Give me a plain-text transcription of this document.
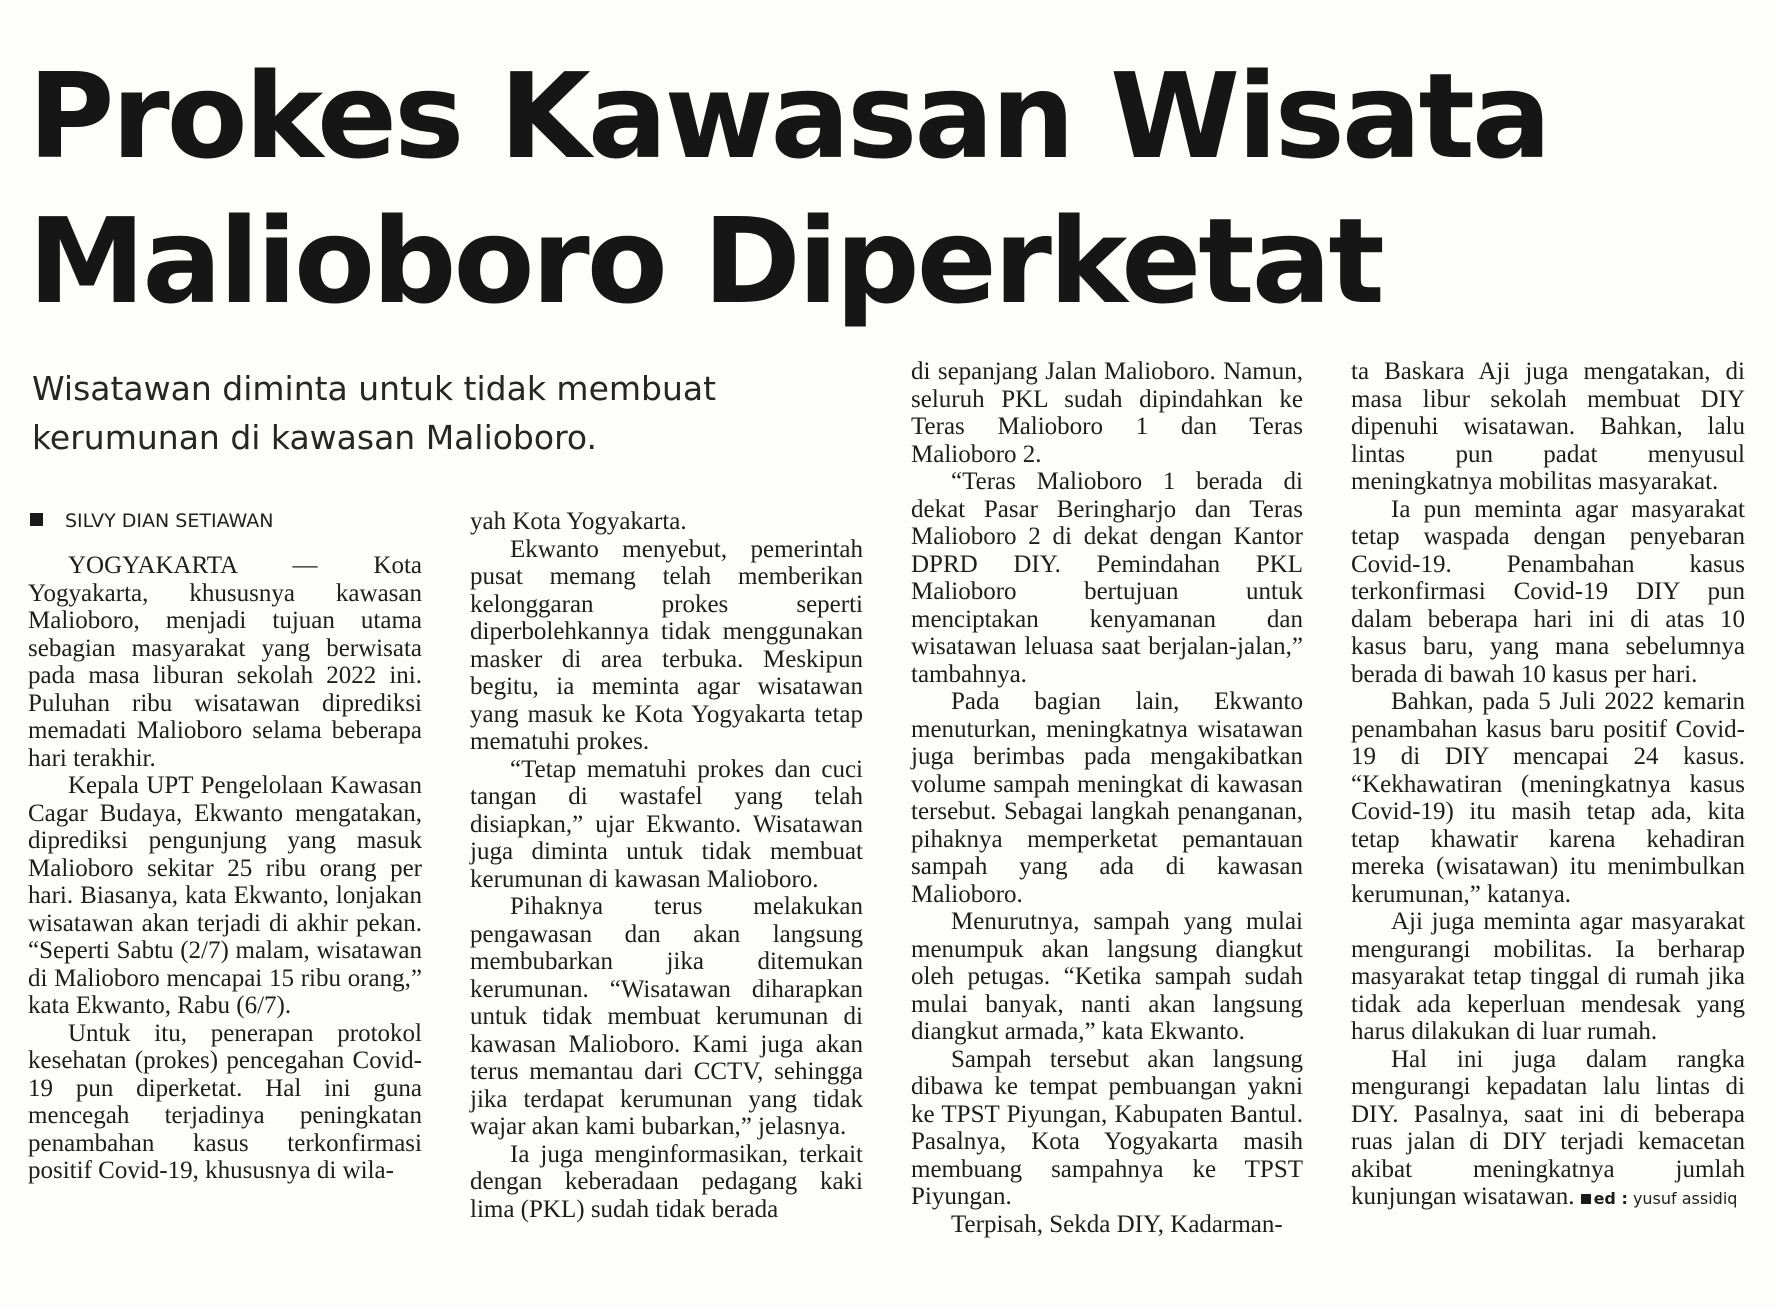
Prokes Kawasan Wisata
Malioboro Diperketat
Wisatawan diminta untuk tidak membuat
kerumunan di kawasan Malioboro.
SILVY DIAN SETIAWAN

YOGYAKARTA — Kota Yogyakarta, khususnya kawasan Malioboro, menjadi tujuan utama sebagian masyarakat yang berwisata pada masa liburan sekolah 2022 ini. Puluhan ribu wisatawan diprediksi memadati Malioboro selama beberapa hari terakhir.

Kepala UPT Pengelolaan Kawasan Cagar Budaya, Ekwanto mengatakan, diprediksi pengunjung yang masuk Malioboro sekitar 25 ribu orang per hari. Biasanya, kata Ekwanto, lonjakan wisatawan akan terjadi di akhir pekan. “Seperti Sabtu (2/7) malam, wisatawan di Malioboro mencapai 15 ribu orang,” kata Ekwanto, Rabu (6/7).

Untuk itu, penerapan protokol kesehatan (prokes) pencegahan Covid-19 pun diperketat. Hal ini guna mencegah terjadinya peningkatan penambahan kasus terkonfirmasi positif Covid-19, khususnya di wila-

yah Kota Yogyakarta.

Ekwanto menyebut, pemerintah pusat memang telah memberikan kelonggaran prokes seperti diperbolehkannya tidak menggunakan masker di area terbuka. Meskipun begitu, ia meminta agar wisatawan yang masuk ke Kota Yogyakarta tetap mematuhi prokes.

“Tetap mematuhi prokes dan cuci tangan di wastafel yang telah disiapkan,” ujar Ekwanto. Wisatawan juga diminta untuk tidak membuat kerumunan di kawasan Malioboro.

Pihaknya terus melakukan pengawasan dan akan langsung membubarkan jika ditemukan kerumunan. “Wisatawan diharapkan untuk tidak membuat kerumunan di kawasan Malioboro. Kami juga akan terus memantau dari CCTV, sehingga jika terdapat kerumunan yang tidak wajar akan kami bubarkan,” jelasnya.

Ia juga menginformasikan, terkait dengan keberadaan pedagang kaki lima (PKL) sudah tidak berada

di sepanjang Jalan Malioboro. Namun, seluruh PKL sudah dipindahkan ke Teras Malioboro 1 dan Teras Malioboro 2.

“Teras Malioboro 1 berada di dekat Pasar Beringharjo dan Teras Malioboro 2 di dekat dengan Kantor DPRD DIY. Pemindahan PKL Malioboro bertujuan untuk menciptakan kenyamanan dan wisatawan leluasa saat berjalan-jalan,” tambahnya.

Pada bagian lain, Ekwanto menuturkan, meningkatnya wisatawan juga berimbas pada mengakibatkan volume sampah meningkat di kawasan tersebut. Sebagai langkah penanganan, pihaknya memperketat pemantauan sampah yang ada di kawasan Malioboro.

Menurutnya, sampah yang mulai menumpuk akan langsung diangkut oleh petugas. “Ketika sampah sudah mulai banyak, nanti akan langsung diangkut armada,” kata Ekwanto.

Sampah tersebut akan langsung dibawa ke tempat pembuangan yakni ke TPST Piyungan, Kabupaten Bantul. Pasalnya, Kota Yogyakarta masih membuang sampahnya ke TPST Piyungan.

Terpisah, Sekda DIY, Kadarman-

ta Baskara Aji juga mengatakan, di masa libur sekolah membuat DIY dipenuhi wisatawan. Bahkan, lalu lintas pun padat menyusul meningkatnya mobilitas masyarakat.

Ia pun meminta agar masyarakat tetap waspada dengan penyebaran Covid-19. Penambahan kasus terkonfirmasi Covid-19 DIY pun dalam beberapa hari ini di atas 10 kasus baru, yang mana sebelumnya berada di bawah 10 kasus per hari.

Bahkan, pada 5 Juli 2022 kemarin penambahan kasus baru positif Covid-19 di DIY mencapai 24 kasus. “Kekhawatiran (meningkatnya kasus Covid-19) itu masih tetap ada, kita tetap khawatir karena kehadiran mereka (wisatawan) itu menimbulkan kerumunan,” katanya.

Aji juga meminta agar masyarakat mengurangi mobilitas. Ia berharap masyarakat tetap tinggal di rumah jika tidak ada keperluan mendesak yang harus dilakukan di luar rumah.

Hal ini juga dalam rangka mengurangi kepadatan lalu lintas di DIY. Pasalnya, saat ini di beberapa ruas jalan di DIY terjadi kemacetan akibat meningkatnya jumlah kunjungan wisatawan. ed : yusuf assidiq
